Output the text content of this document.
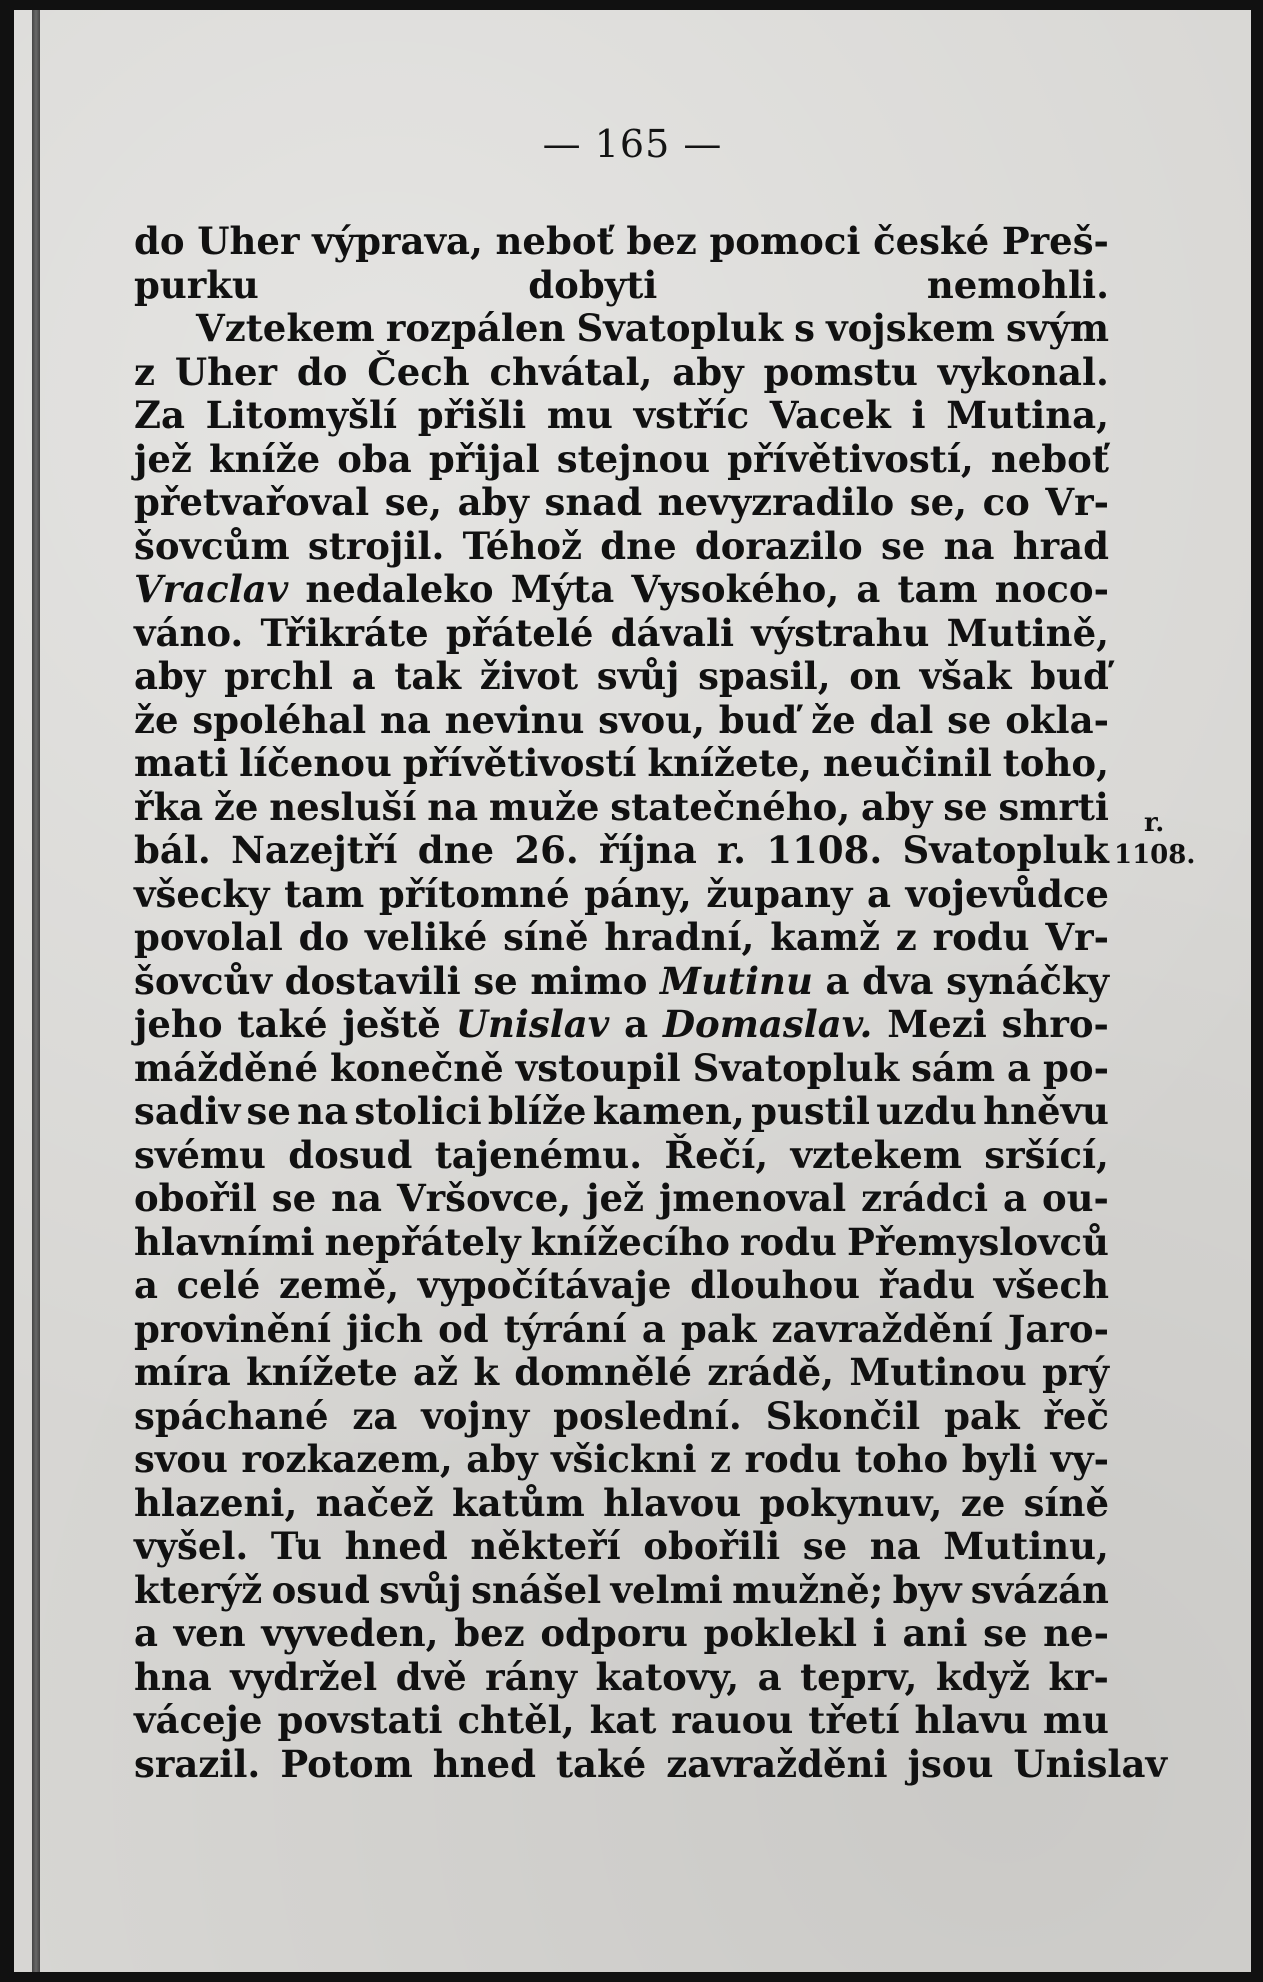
— 165 —
do Uher výprava, neboť bez pomoci české Preš-
purku	dobyti	nemohli.
Vztekem rozpálen Svatopluk s vojskem svým
z Uher do Čech chvátal, aby pomstu vykonal.
Za Litomyšlí přišli mu vstříc Vacek i Mutina,
jež kníže oba přijal stejnou přívětivostí, neboť
přetvařoval se, aby snad nevyzradilo se, co Vr-
šovcům strojil. Téhož dne dorazilo se na hrad
Vraclav nedaleko Mýta Vysokého, a tam noco-
váno. Třikráte přátelé dávali výstrahu Mutině,
aby prchl a tak život svůj spasil, on však buď
že spoléhal na nevinu svou, buď že dal se okla-
mati líčenou přívětivostí knížete, neučinil toho,
řka že nesluší na muže statečného, aby se smrti
bál. Nazejtří dne 26. října r. 1108. Svatopluk
všecky tam přítomné pány, župany a vojevůdce
povolal do veliké síně hradní, kamž z rodu Vr-
šovcův dostavili se mimo Mutinu a dva synáčky
jeho také ještě Unislav a Domaslav. Mezi shro-
mážděné konečně vstoupil Svatopluk sám a po-
sadiv se na stolici blíže kamen, pustil uzdu hněvu
svému dosud tajenému. Řečí, vztekem sršící,
obořil se na Vršovce, jež jmenoval zrádci a ou-
hlavními nepřátely knížecího rodu Přemyslovců
a celé země, vypočítávaje dlouhou řadu všech
provinění jich od týrání a pak zavraždění Jaro-
míra knížete až k domnělé zrádě, Mutinou prý
spáchané za vojny poslední. Skončil pak řeč
svou rozkazem, aby všickni z rodu toho byli vy-
hlazeni, načež katům hlavou pokynuv, ze síně
vyšel. Tu hned někteří obořili se na Mutinu,
kterýž osud svůj snášel velmi mužně; byv svázán
a ven vyveden, bez odporu poklekl i ani se ne-
hna vydržel dvě rány katovy, a teprv, když kr-
váceje povstati chtěl, kat rauou třetí hlavu mu
srazil. Potom hned také zavražděni jsou Unislav
r.
1108.
